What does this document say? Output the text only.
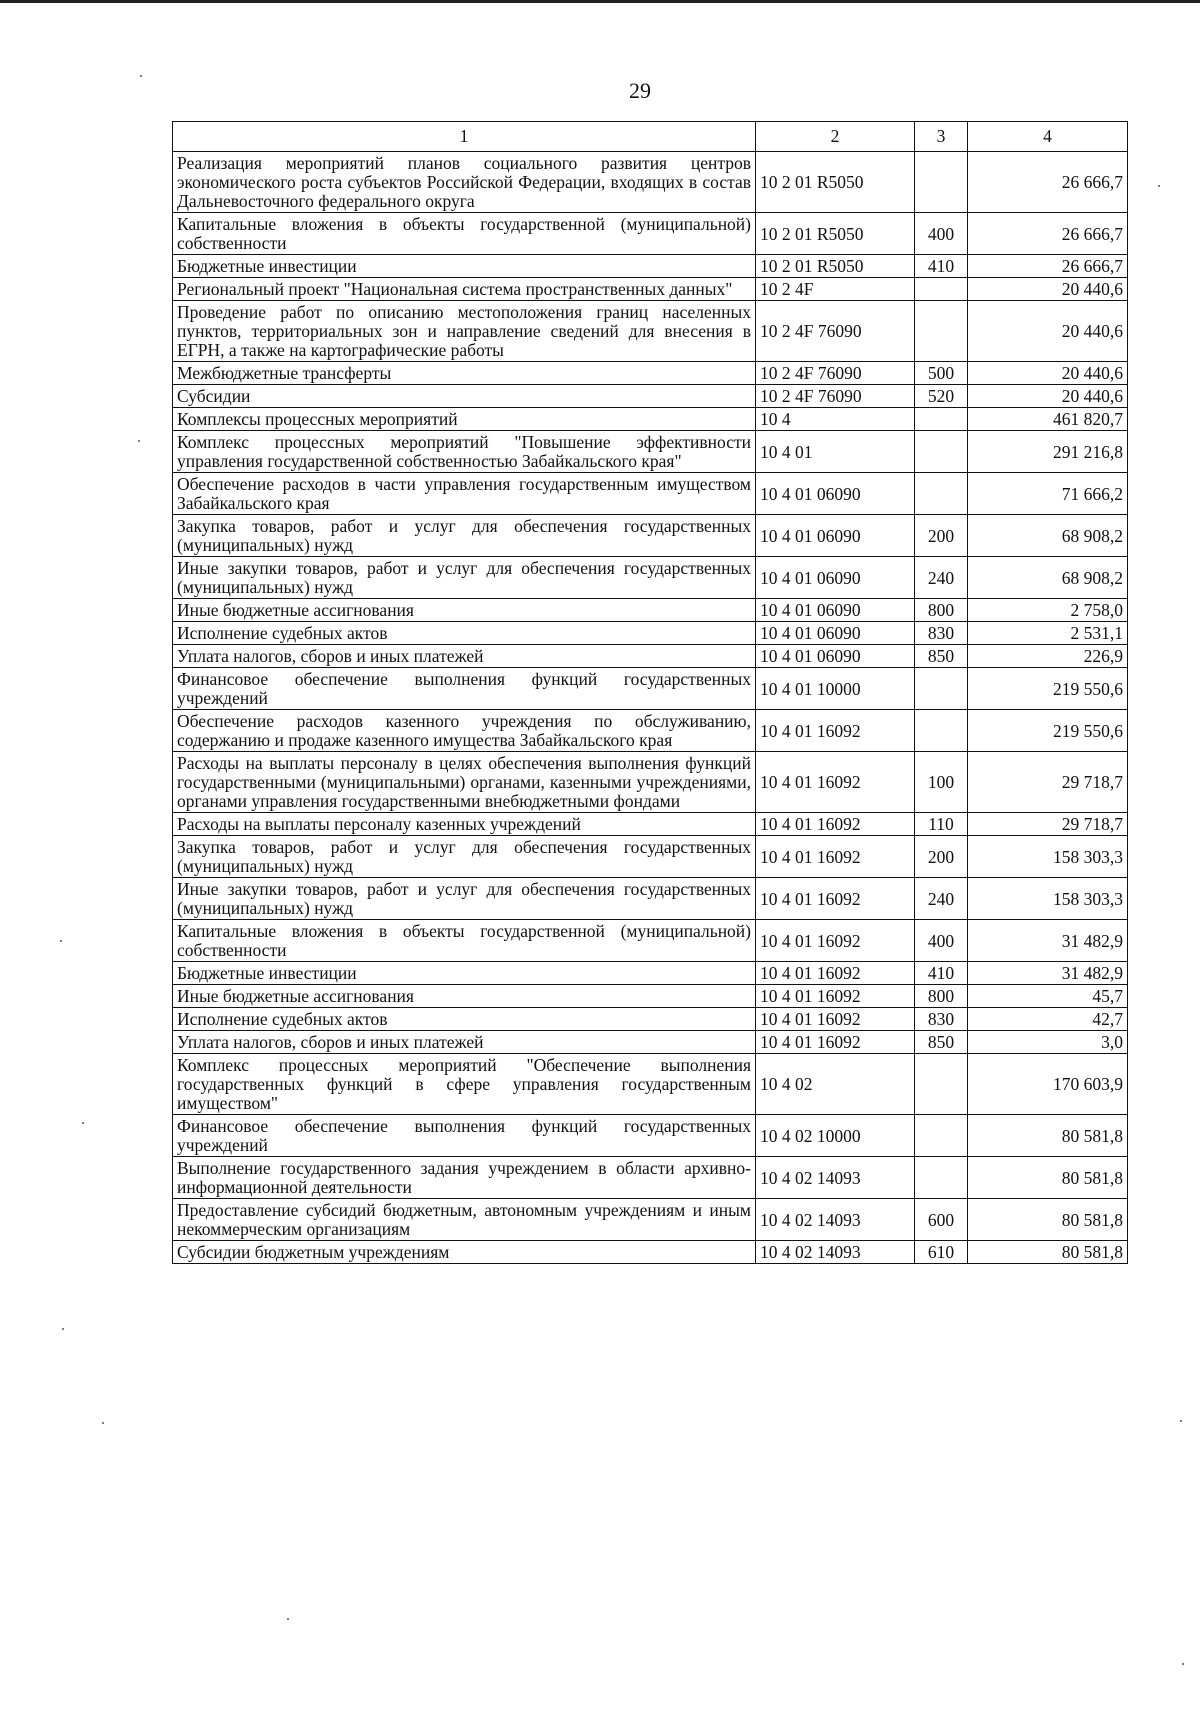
29
1	2	3	4
Реализация мероприятий планов социального развития центров экономического роста субъектов Российской Федерации, входящих в состав Дальневосточного федерального округа	10 2 01 R5050		26 666,7
Капитальные вложения в объекты государственной (муниципальной) собственности	10 2 01 R5050	400	26 666,7
Бюджетные инвестиции	10 2 01 R5050	410	26 666,7
Региональный проект "Национальная система пространственных данных"	10 2 4F		20 440,6
Проведение работ по описанию местоположения границ населенных пунктов, территориальных зон и направление сведений для внесения в ЕГРН, а также на картографические работы	10 2 4F 76090		20 440,6
Межбюджетные трансферты	10 2 4F 76090	500	20 440,6
Субсидии	10 2 4F 76090	520	20 440,6
Комплексы процессных мероприятий	10 4		461 820,7
Комплекс процессных мероприятий "Повышение эффективности управления государственной собственностью Забайкальского края"	10 4 01		291 216,8
Обеспечение расходов в части управления государственным имуществом Забайкальского края	10 4 01 06090		71 666,2
Закупка товаров, работ и услуг для обеспечения государственных (муниципальных) нужд	10 4 01 06090	200	68 908,2
Иные закупки товаров, работ и услуг для обеспечения государственных (муниципальных) нужд	10 4 01 06090	240	68 908,2
Иные бюджетные ассигнования	10 4 01 06090	800	2 758,0
Исполнение судебных актов	10 4 01 06090	830	2 531,1
Уплата налогов, сборов и иных платежей	10 4 01 06090	850	226,9
Финансовое обеспечение выполнения функций государственных учреждений	10 4 01 10000		219 550,6
Обеспечение расходов казенного учреждения по обслуживанию, содержанию и продаже казенного имущества Забайкальского края	10 4 01 16092		219 550,6
Расходы на выплаты персоналу в целях обеспечения выполнения функций государственными (муниципальными) органами, казенными учреждениями, органами управления государственными внебюджетными фондами	10 4 01 16092	100	29 718,7
Расходы на выплаты персоналу казенных учреждений	10 4 01 16092	110	29 718,7
Закупка товаров, работ и услуг для обеспечения государственных (муниципальных) нужд	10 4 01 16092	200	158 303,3
Иные закупки товаров, работ и услуг для обеспечения государственных (муниципальных) нужд	10 4 01 16092	240	158 303,3
Капитальные вложения в объекты государственной (муниципальной) собственности	10 4 01 16092	400	31 482,9
Бюджетные инвестиции	10 4 01 16092	410	31 482,9
Иные бюджетные ассигнования	10 4 01 16092	800	45,7
Исполнение судебных актов	10 4 01 16092	830	42,7
Уплата налогов, сборов и иных платежей	10 4 01 16092	850	3,0
Комплекс процессных мероприятий "Обеспечение выполнения государственных функций в сфере управления государственным имуществом"	10 4 02		170 603,9
Финансовое обеспечение выполнения функций государственных учреждений	10 4 02 10000		80 581,8
Выполнение государственного задания учреждением в области архивно-информационной деятельности	10 4 02 14093		80 581,8
Предоставление субсидий бюджетным, автономным учреждениям и иным некоммерческим организациям	10 4 02 14093	600	80 581,8
Субсидии бюджетным учреждениям	10 4 02 14093	610	80 581,8
